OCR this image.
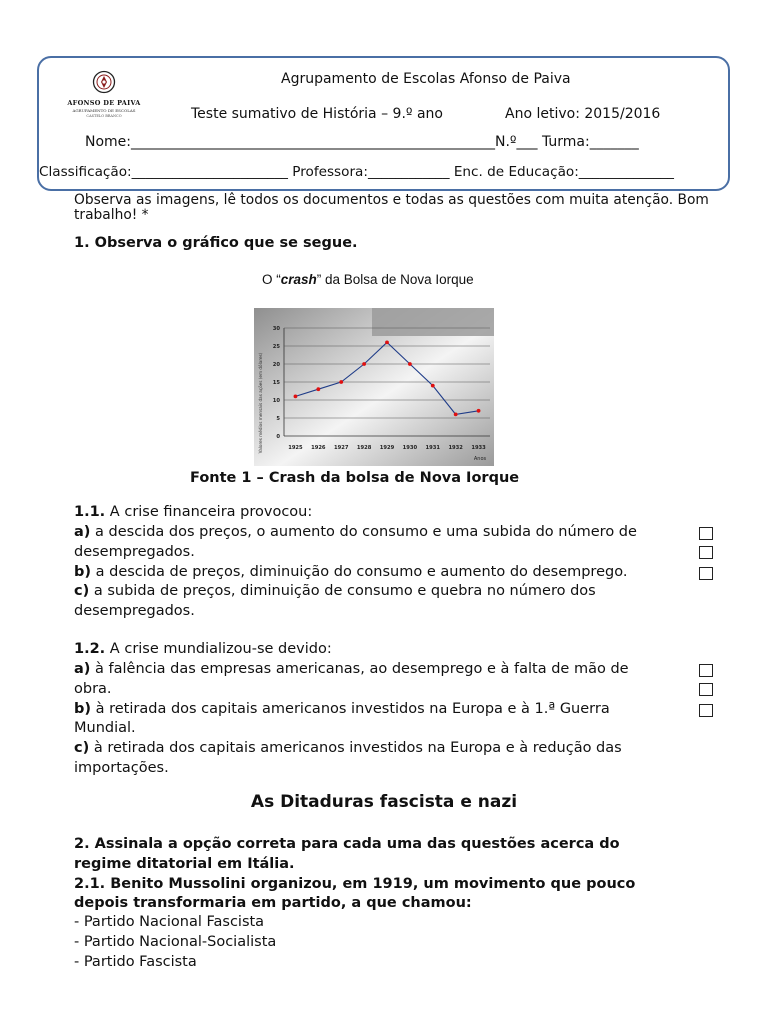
AFONSO DE PAIVA
AGRUPAMENTO DE ESCOLAS
CASTELO BRANCO
Agrupamento de Escolas Afonso de Paiva
Teste sumativo de História – 9.º ano	Ano letivo: 2015/2016
Nome:____________________________________________________N.º___ Turma:_______
Classificação:_______________________ Professora:____________ Enc. de Educação:______________
Observa as imagens, lê todos os documentos e todas as questões com muita atenção. Bom
trabalho! *
1. Observa o gráfico que se segue.
O “crash” da Bolsa de Nova Iorque
0
5
10
15
20
25
30
1925 1926 1927 1928 1929 1930 1931 1932 1933
Valores médios mensais das ações (em dólares)
Anos
Fonte 1 – Crash da bolsa de Nova Iorque
1.1. A crise financeira provocou:
a) a descida dos preços, o aumento do consumo e uma subida do número de
desempregados.
b) a descida de preços, diminuição do consumo e aumento do desemprego.
c) a subida de preços, diminuição de consumo e quebra no número dos
desempregados.
1.2. A crise mundializou-se devido:
a) à falência das empresas americanas, ao desemprego e à falta de mão de
obra.
b) à retirada dos capitais americanos investidos na Europa e à 1.ª Guerra
Mundial.
c) à retirada dos capitais americanos investidos na Europa e à redução das
importações.
As Ditaduras fascista e nazi
2. Assinala a opção correta para cada uma das questões acerca do
regime ditatorial em Itália.
2.1. Benito Mussolini organizou, em 1919, um movimento que pouco
depois transformaria em partido, a que chamou:
- Partido Nacional Fascista
- Partido Nacional-Socialista
- Partido Fascista
